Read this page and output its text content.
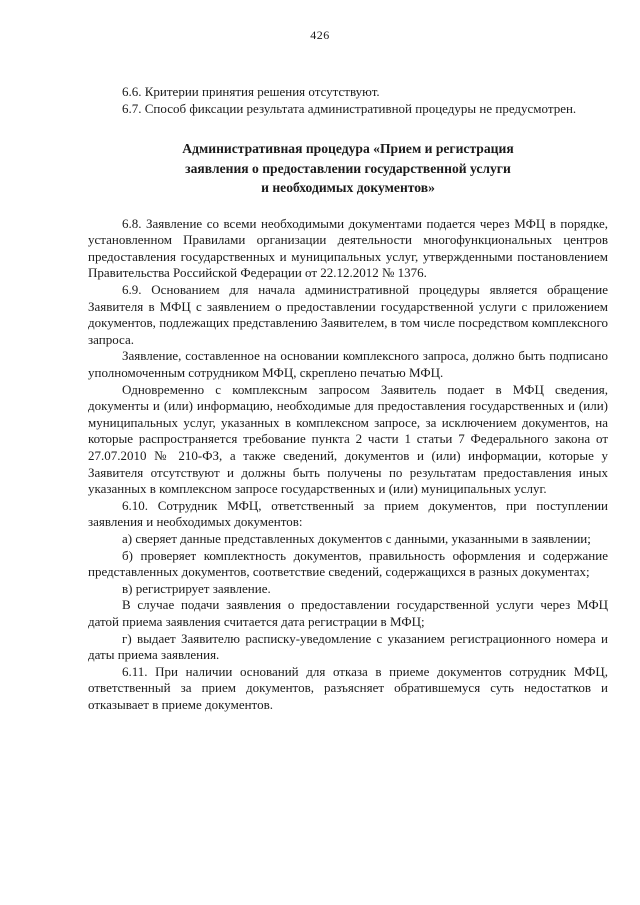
426

6.6. Критерии принятия решения отсутствуют.

6.7. Способ фиксации результата административной процедуры не предусмотрен.

Административная процедура «Прием и регистрация
заявления о предоставлении государственной услуги
и необходимых документов»

6.8. Заявление со всеми необходимыми документами подается через МФЦ в порядке, установленном Правилами организации деятельности многофункциональных центров предоставления государственных и муниципальных услуг, утвержденными постановлением Правительства Российской Федерации от 22.12.2012 № 1376.

6.9. Основанием для начала административной процедуры является обращение Заявителя в МФЦ с заявлением о предоставлении государственной услуги с приложением документов, подлежащих представлению Заявителем, в том числе посредством комплексного запроса.

Заявление, составленное на основании комплексного запроса, должно быть подписано уполномоченным сотрудником МФЦ, скреплено печатью МФЦ.

Одновременно с комплексным запросом Заявитель подает в МФЦ сведения, документы и (или) информацию, необходимые для предоставления государственных и (или) муниципальных услуг, указанных в комплексном запросе, за исключением документов, на которые распространяется требование пункта 2 части 1 статьи 7 Федерального закона от 27.07.2010 № 210-ФЗ, а также сведений, документов и (или) информации, которые у Заявителя отсутствуют и должны быть получены по результатам предоставления иных указанных в комплексном запросе государственных и (или) муниципальных услуг.

6.10. Сотрудник МФЦ, ответственный за прием документов, при поступлении заявления и необходимых документов:

а) сверяет данные представленных документов с данными, указанными в заявлении;

б) проверяет комплектность документов, правильность оформления и содержание представленных документов, соответствие сведений, содержащихся в разных документах;

в) регистрирует заявление.

В случае подачи заявления о предоставлении государственной услуги через МФЦ датой приема заявления считается дата регистрации в МФЦ;

г) выдает Заявителю расписку-уведомление с указанием регистрационного номера и даты приема заявления.

6.11. При наличии оснований для отказа в приеме документов сотрудник МФЦ, ответственный за прием документов, разъясняет обратившемуся суть недостатков и отказывает в приеме документов.
